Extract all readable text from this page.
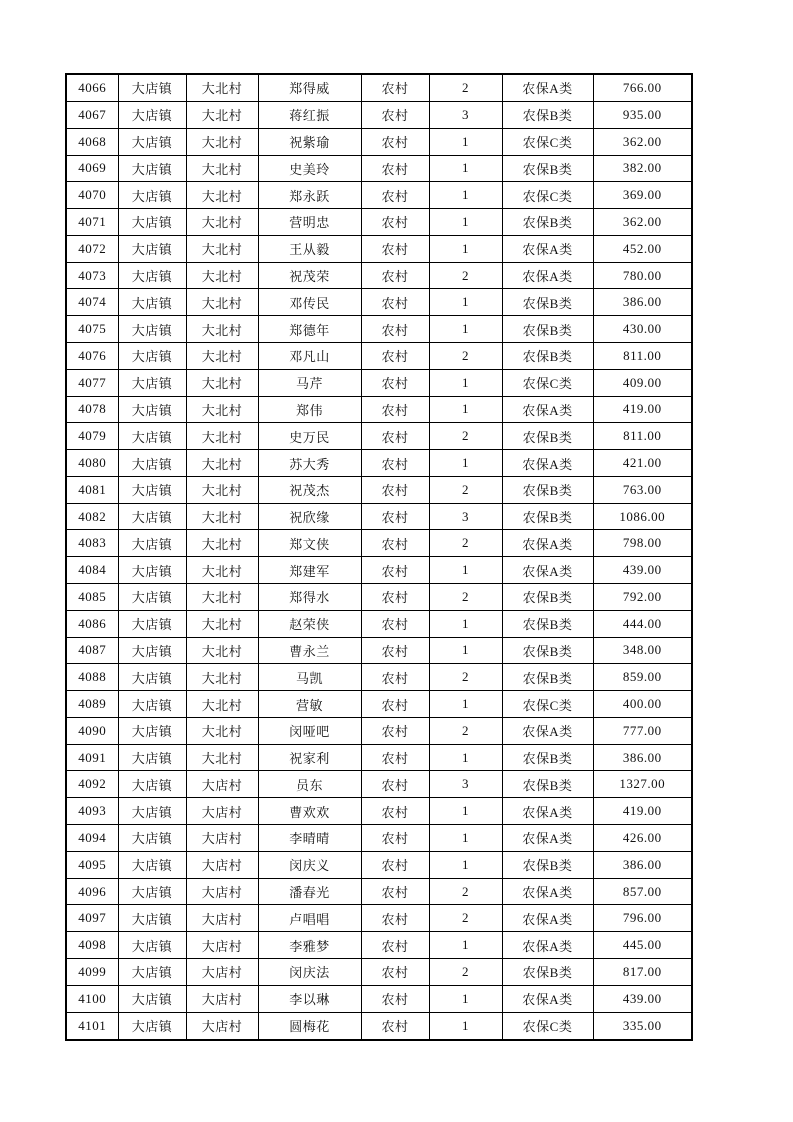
4066	大店镇	大北村	郑得威	农村	2	农保A类	766.00
4067	大店镇	大北村	蒋红振	农村	3	农保B类	935.00
4068	大店镇	大北村	祝紫瑜	农村	1	农保C类	362.00
4069	大店镇	大北村	史美玲	农村	1	农保B类	382.00
4070	大店镇	大北村	郑永跃	农村	1	农保C类	369.00
4071	大店镇	大北村	营明忠	农村	1	农保B类	362.00
4072	大店镇	大北村	王从毅	农村	1	农保A类	452.00
4073	大店镇	大北村	祝茂荣	农村	2	农保A类	780.00
4074	大店镇	大北村	邓传民	农村	1	农保B类	386.00
4075	大店镇	大北村	郑德年	农村	1	农保B类	430.00
4076	大店镇	大北村	邓凡山	农村	2	农保B类	811.00
4077	大店镇	大北村	马芹	农村	1	农保C类	409.00
4078	大店镇	大北村	郑伟	农村	1	农保A类	419.00
4079	大店镇	大北村	史万民	农村	2	农保B类	811.00
4080	大店镇	大北村	苏大秀	农村	1	农保A类	421.00
4081	大店镇	大北村	祝茂杰	农村	2	农保B类	763.00
4082	大店镇	大北村	祝欣缘	农村	3	农保B类	1086.00
4083	大店镇	大北村	郑文侠	农村	2	农保A类	798.00
4084	大店镇	大北村	郑建军	农村	1	农保A类	439.00
4085	大店镇	大北村	郑得水	农村	2	农保B类	792.00
4086	大店镇	大北村	赵荣侠	农村	1	农保B类	444.00
4087	大店镇	大北村	曹永兰	农村	1	农保B类	348.00
4088	大店镇	大北村	马凯	农村	2	农保B类	859.00
4089	大店镇	大北村	营敏	农村	1	农保C类	400.00
4090	大店镇	大北村	闵哑吧	农村	2	农保A类	777.00
4091	大店镇	大北村	祝家利	农村	1	农保B类	386.00
4092	大店镇	大店村	员东	农村	3	农保B类	1327.00
4093	大店镇	大店村	曹欢欢	农村	1	农保A类	419.00
4094	大店镇	大店村	李晴晴	农村	1	农保A类	426.00
4095	大店镇	大店村	闵庆义	农村	1	农保B类	386.00
4096	大店镇	大店村	潘春光	农村	2	农保A类	857.00
4097	大店镇	大店村	卢唱唱	农村	2	农保A类	796.00
4098	大店镇	大店村	李雅梦	农村	1	农保A类	445.00
4099	大店镇	大店村	闵庆法	农村	2	农保B类	817.00
4100	大店镇	大店村	李以琳	农村	1	农保A类	439.00
4101	大店镇	大店村	圆梅花	农村	1	农保C类	335.00
